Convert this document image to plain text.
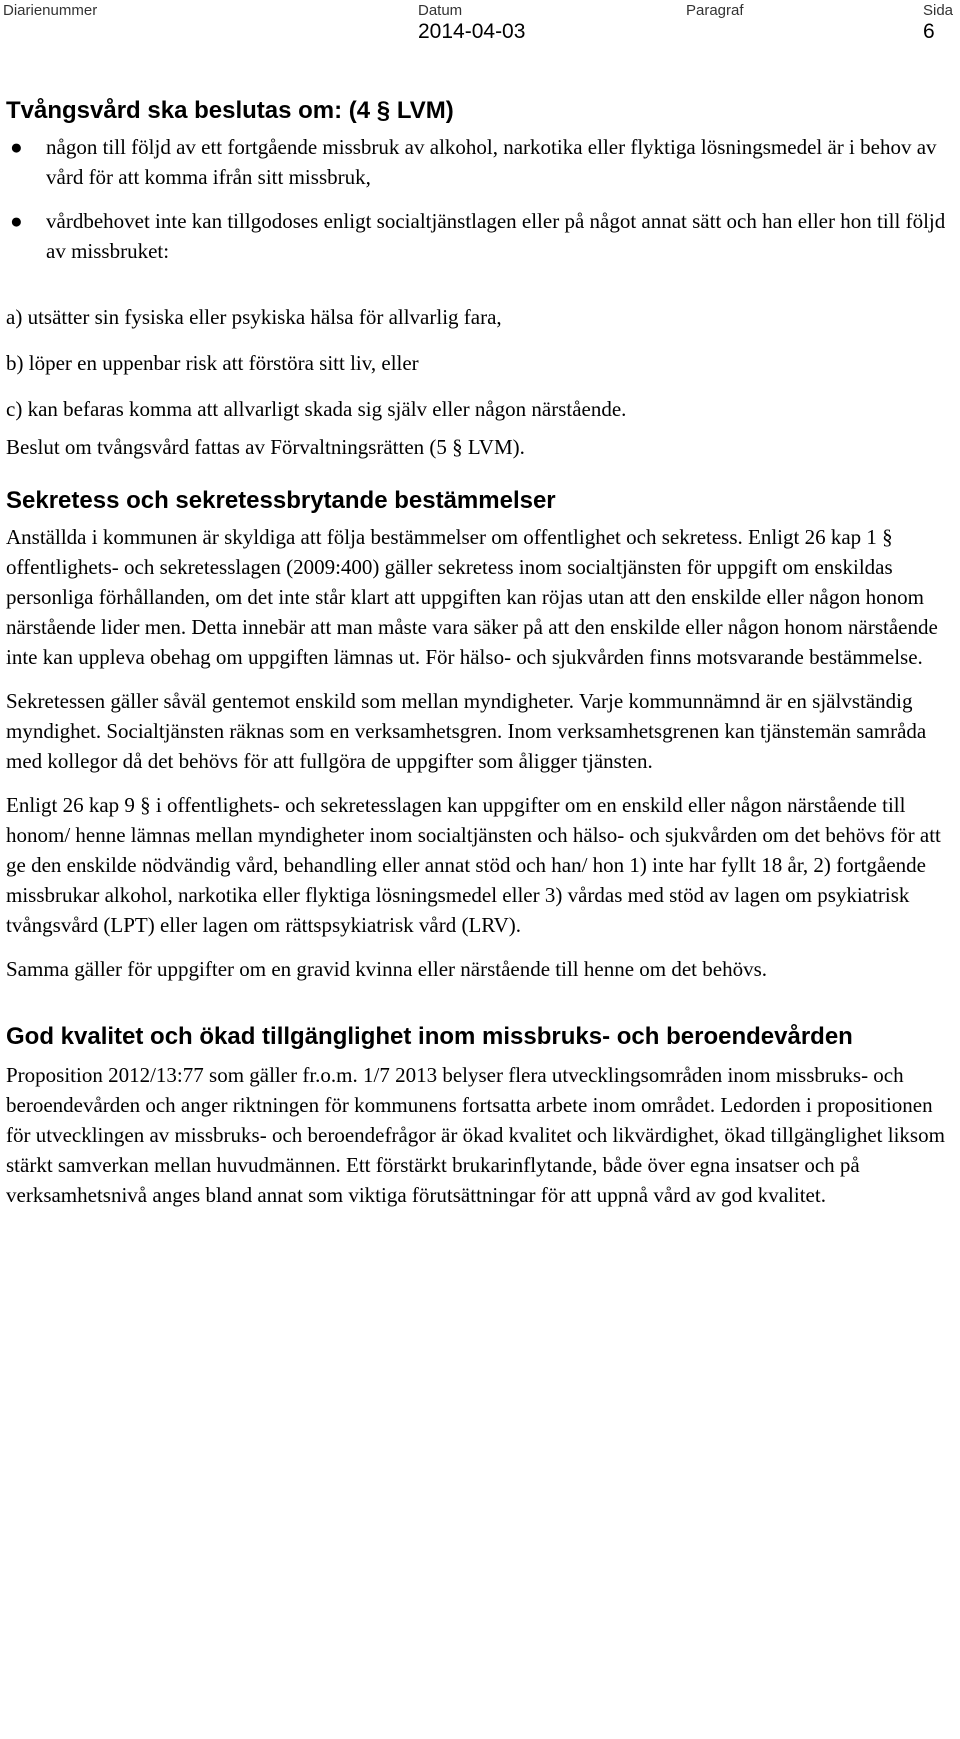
Diarienummer	Datum	Paragraf	Sida
2014-04-03	6
Tvångsvård ska beslutas om: (4 § LVM)
● någon till följd av ett fortgående missbruk av alkohol, narkotika eller flyktiga lösningsmedel är i behov av vård för att komma ifrån sitt missbruk,
● vårdbehovet inte kan tillgodoses enligt socialtjänstlagen eller på något annat sätt och han eller hon till följd av missbruket:

a) utsätter sin fysiska eller psykiska hälsa för allvarlig fara,

b) löper en uppenbar risk att förstöra sitt liv, eller

c) kan befaras komma att allvarligt skada sig själv eller någon närstående.

Beslut om tvångsvård fattas av Förvaltningsrätten (5 § LVM).

Sekretess och sekretessbrytande bestämmelser

Anställda i kommunen är skyldiga att följa bestämmelser om offentlighet och sekretess. Enligt 26 kap 1 § offentlighets- och sekretesslagen (2009:400) gäller sekretess inom socialtjänsten för uppgift om enskildas personliga förhållanden, om det inte står klart att uppgiften kan röjas utan att den enskilde eller någon honom närstående lider men. Detta innebär att man måste vara säker på att den enskilde eller någon honom närstående inte kan uppleva obehag om uppgiften lämnas ut. För hälso- och sjukvården finns motsvarande bestämmelse.

Sekretessen gäller såväl gentemot enskild som mellan myndigheter. Varje kommunnämnd är en självständig myndighet. Socialtjänsten räknas som en verksamhetsgren. Inom verksamhetsgrenen kan tjänstemän samråda med kollegor då det behövs för att fullgöra de uppgifter som åligger tjänsten.

Enligt 26 kap 9 § i offentlighets- och sekretesslagen kan uppgifter om en enskild eller någon närstående till honom/ henne lämnas mellan myndigheter inom socialtjänsten och hälso- och sjukvården om det behövs för att ge den enskilde nödvändig vård, behandling eller annat stöd och han/ hon 1) inte har fyllt 18 år, 2) fortgående missbrukar alkohol, narkotika eller flyktiga lösningsmedel eller 3) vårdas med stöd av lagen om psykiatrisk tvångsvård (LPT) eller lagen om rättspsykiatrisk vård (LRV).

Samma gäller för uppgifter om en gravid kvinna eller närstående till henne om det behövs.

God kvalitet och ökad tillgänglighet inom missbruks- och beroendevården

Proposition 2012/13:77 som gäller fr.o.m. 1/7 2013 belyser flera utvecklingsområden inom missbruks- och beroendevården och anger riktningen för kommunens fortsatta arbete inom området. Ledorden i propositionen för utvecklingen av missbruks- och beroendefrågor är ökad kvalitet och likvärdighet, ökad tillgänglighet liksom stärkt samverkan mellan huvudmännen. Ett förstärkt brukarinflytande, både över egna insatser och på verksamhetsnivå anges bland annat som viktiga förutsättningar för att uppnå vård av god kvalitet.
